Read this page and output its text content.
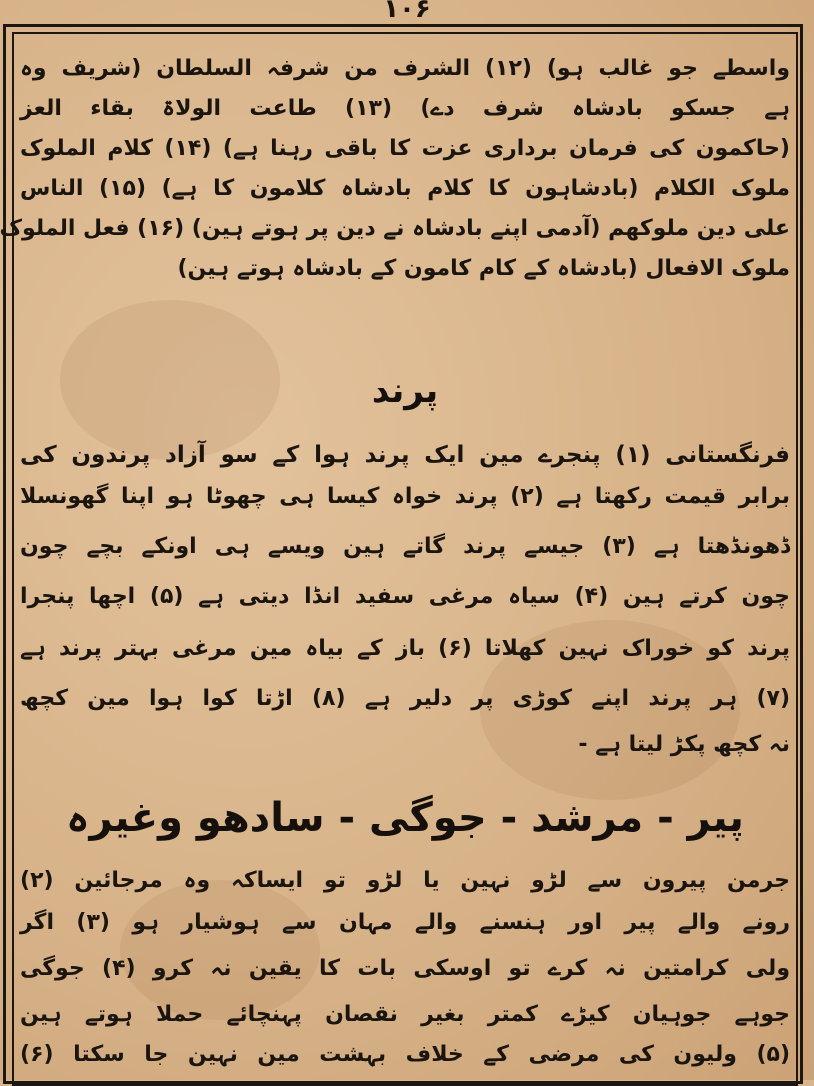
۱۰۶
واسطے جو غالب ہو) (۱۲) الشرف من شرفہ السلطان (شریف وہ
ہے جسکو بادشاہ شرف دے) (۱۳) طاعت الولاۃ بقاء العز
(حاکمون کی فرمان برداری عزت کا باقی رہنا ہے) (۱۴) کلام الملوک
ملوک الکلام (بادشاہون کا کلام بادشاہ کلامون کا ہے) (۱۵) الناس
علی دین ملوکھم (آدمی اپنے بادشاہ نے دین پر ہوتے ہین) (۱۶) فعل الملوک
ملوک الافعال (بادشاہ کے کام کامون کے بادشاہ ہوتے ہین)
پرند
فرنگستانی (۱) پنجرے مین ایک پرند ہوا کے سو آزاد پرندون کی
برابر قیمت رکھتا ہے (۲) پرند خواہ کیسا ہی چھوٹا ہو اپنا گھونسلا
ڈھونڈھتا ہے (۳) جیسے پرند گاتے ہین ویسے ہی اونکے بچے چون
چون کرتے ہین (۴) سیاہ مرغی سفید انڈا دیتی ہے (۵) اچھا پنجرا
پرند کو خوراک نہین کھلاتا (۶) باز کے بیاہ مین مرغی بہتر پرند ہے
(۷) ہر پرند اپنے کوڑی پر دلیر ہے (۸) اڑتا کوا ہوا مین کچھ
نہ کچھ پکڑ لیتا ہے -
پیر - مرشد - جوگی - سادھو وغیرہ
جرمن پیرون سے لڑو نہین یا لڑو تو ایساکہ وہ مرجائین (۲)
رونے والے پیر اور ہنسنے والے مہان سے ہوشیار ہو (۳) اگر
ولی کرامتین نہ کرے تو اوسکی بات کا یقین نہ کرو (۴) جوگی
جوہے جوہیان کیڑے کمتر بغیر نقصان پہنچائے حملا ہوتے ہین
(۵) ولیون کی مرضی کے خلاف بہشت مین نہین جا سکتا (۶)
